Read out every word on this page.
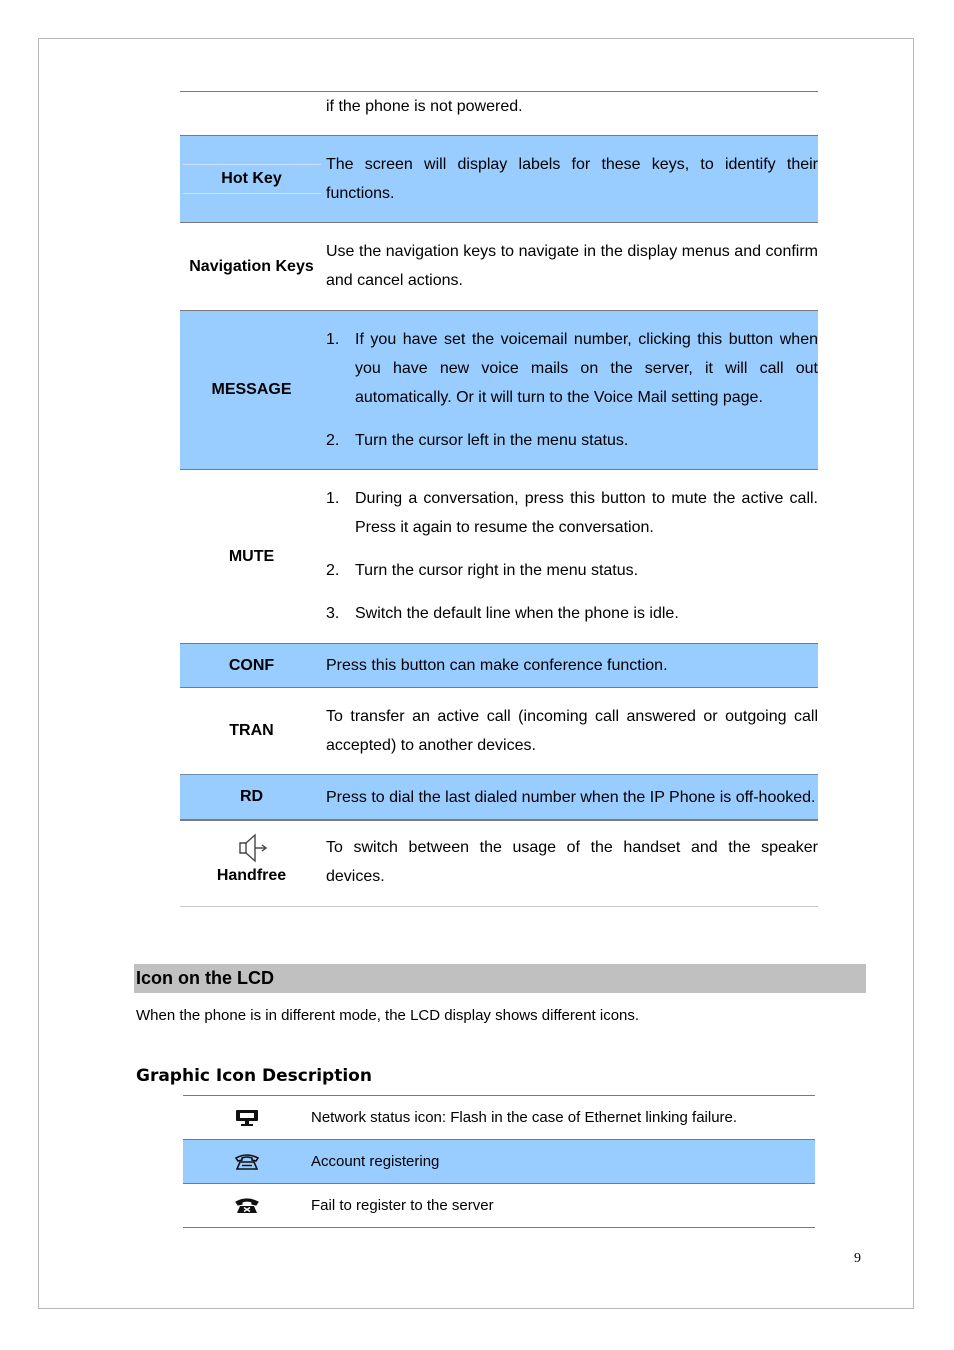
if the phone is not powered.
Hot Key
The screen will display labels for these keys, to identify their functions.
Navigation Keys
Use the navigation keys to navigate in the display menus and confirm and cancel actions.
MESSAGE
1. If you have set the voicemail number, clicking this button when you have new voice mails on the server, it will call out automatically. Or it will turn to the Voice Mail setting page.
2. Turn the cursor left in the menu status.
MUTE
1. During a conversation, press this button to mute the active call. Press it again to resume the conversation.
2. Turn the cursor right in the menu status.
3. Switch the default line when the phone is idle.
CONF	Press this button can make conference function.
TRAN
To transfer an active call (incoming call answered or outgoing call accepted) to another devices.
RD	Press to dial the last dialed number when the IP Phone is off-hooked.
Handfree
To switch between the usage of the handset and the speaker devices.
Icon on the LCD
When the phone is in different mode, the LCD display shows different icons.
Graphic Icon Description
Network status icon: Flash in the case of Ethernet linking failure.
Account registering
Fail to register to the server
9
